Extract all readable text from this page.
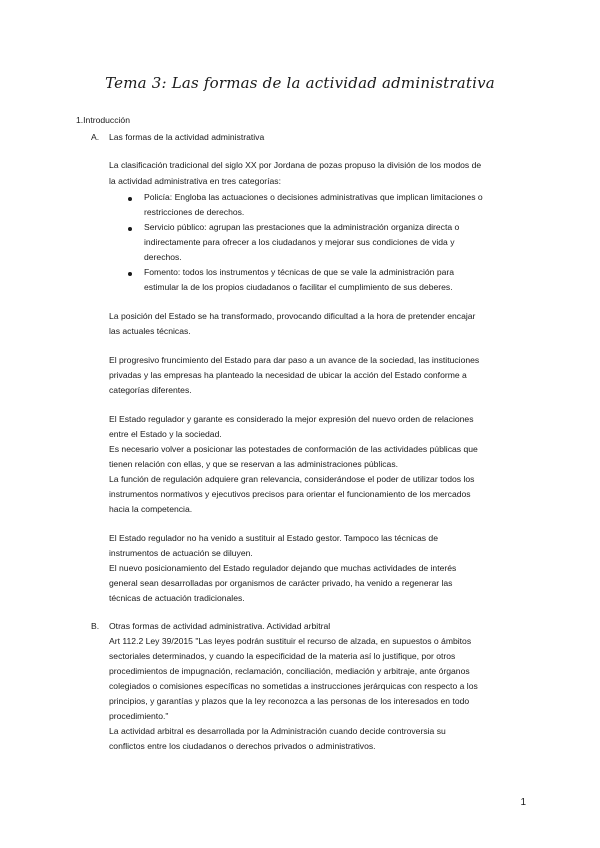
Tema 3: Las formas de la actividad administrativa
1.Introducción
A. Las formas de la actividad administrativa
La clasificación tradicional del siglo XX por Jordana de pozas propuso la división de los modos de
la actividad administrativa en tres categorías:
Policía: Engloba las actuaciones o decisiones administrativas que implican limitaciones o
restricciones de derechos.
Servicio público: agrupan las prestaciones que la administración organiza directa o
indirectamente para ofrecer a los ciudadanos y mejorar sus condiciones de vida y
derechos.
Fomento: todos los instrumentos y técnicas de que se vale la administración para
estimular la de los propios ciudadanos o facilitar el cumplimiento de sus deberes.
La posición del Estado se ha transformado, provocando dificultad a la hora de pretender encajar
las actuales técnicas.
El progresivo fruncimiento del Estado para dar paso a un avance de la sociedad, las instituciones
privadas y las empresas ha planteado la necesidad de ubicar la acción del Estado conforme a
categorías diferentes.
El Estado regulador y garante es considerado la mejor expresión del nuevo orden de relaciones
entre el Estado y la sociedad.
Es necesario volver a posicionar las potestades de conformación de las actividades públicas que
tienen relación con ellas, y que se reservan a las administraciones públicas.
La función de regulación adquiere gran relevancia, considerándose el poder de utilizar todos los
instrumentos normativos y ejecutivos precisos para orientar el funcionamiento de los mercados
hacia la competencia.
El Estado regulador no ha venido a sustituir al Estado gestor. Tampoco las técnicas de
instrumentos de actuación se diluyen.
El nuevo posicionamiento del Estado regulador dejando que muchas actividades de interés
general sean desarrolladas por organismos de carácter privado, ha venido a regenerar las
técnicas de actuación tradicionales.
B. Otras formas de actividad administrativa. Actividad arbitral
Art 112.2 Ley 39/2015 "Las leyes podrán sustituir el recurso de alzada, en supuestos o ámbitos
sectoriales determinados, y cuando la especificidad de la materia así lo justifique, por otros
procedimientos de impugnación, reclamación, conciliación, mediación y arbitraje, ante órganos
colegiados o comisiones específicas no sometidas a instrucciones jerárquicas con respecto a los
principios, y garantías y plazos que la ley reconozca a las personas de los interesados en todo
procedimiento."
La actividad arbitral es desarrollada por la Administración cuando decide controversia su
conflictos entre los ciudadanos o derechos privados o administrativos.
1
